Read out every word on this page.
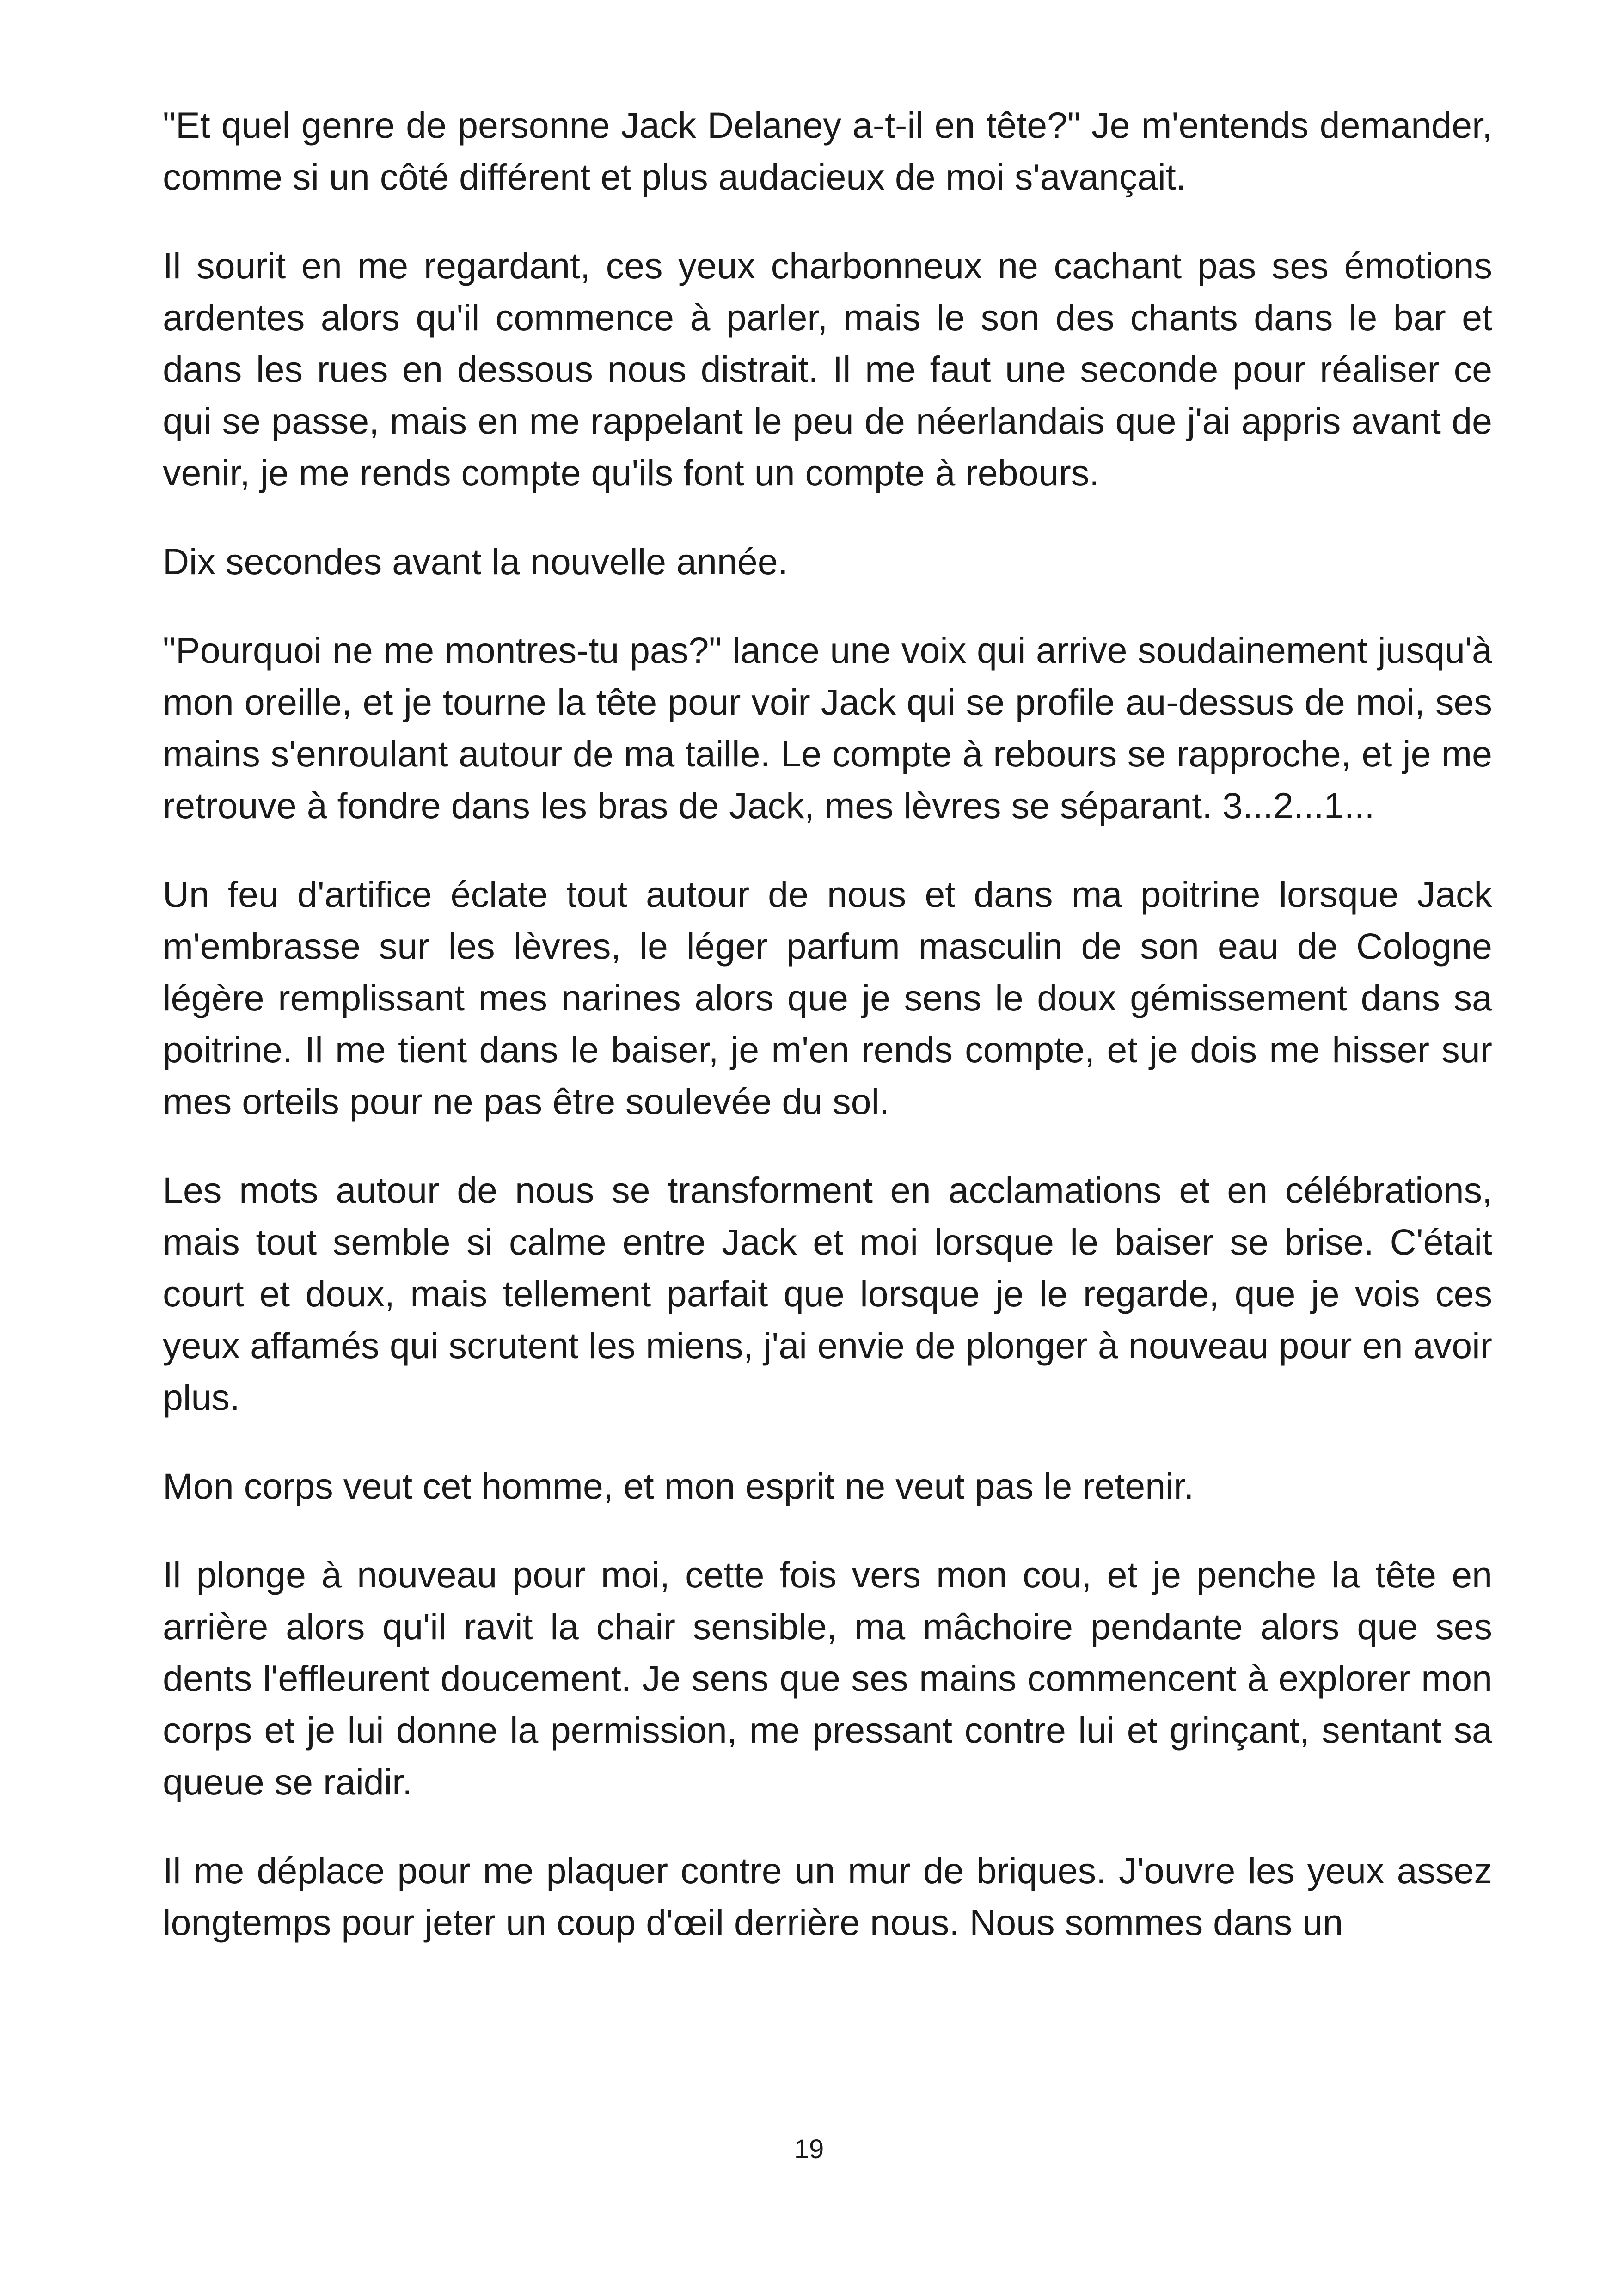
"Et quel genre de personne Jack Delaney a-t-il en tête?" Je m'entends demander, comme si un côté différent et plus audacieux de moi s'avançait.

Il sourit en me regardant, ces yeux charbonneux ne cachant pas ses émotions ardentes alors qu'il commence à parler, mais le son des chants dans le bar et dans les rues en dessous nous distrait. Il me faut une seconde pour réaliser ce qui se passe, mais en me rappelant le peu de néerlandais que j'ai appris avant de venir, je me rends compte qu'ils font un compte à rebours.

Dix secondes avant la nouvelle année.

"Pourquoi ne me montres-tu pas?" lance une voix qui arrive soudainement jusqu'à mon oreille, et je tourne la tête pour voir Jack qui se profile au-dessus de moi, ses mains s'enroulant autour de ma taille. Le compte à rebours se rapproche, et je me retrouve à fondre dans les bras de Jack, mes lèvres se séparant. 3...2...1...

Un feu d'artifice éclate tout autour de nous et dans ma poitrine lorsque Jack m'embrasse sur les lèvres, le léger parfum masculin de son eau de Cologne légère remplissant mes narines alors que je sens le doux gémissement dans sa poitrine. Il me tient dans le baiser, je m'en rends compte, et je dois me hisser sur mes orteils pour ne pas être soulevée du sol.

Les mots autour de nous se transforment en acclamations et en célébrations, mais tout semble si calme entre Jack et moi lorsque le baiser se brise. C'était court et doux, mais tellement parfait que lorsque je le regarde, que je vois ces yeux affamés qui scrutent les miens, j'ai envie de plonger à nouveau pour en avoir plus.

Mon corps veut cet homme, et mon esprit ne veut pas le retenir.

Il plonge à nouveau pour moi, cette fois vers mon cou, et je penche la tête en arrière alors qu'il ravit la chair sensible, ma mâchoire pendante alors que ses dents l'effleurent doucement. Je sens que ses mains commencent à explorer mon corps et je lui donne la permission, me pressant contre lui et grinçant, sentant sa queue se raidir.

Il me déplace pour me plaquer contre un mur de briques. J'ouvre les yeux assez longtemps pour jeter un coup d'œil derrière nous. Nous sommes dans un

19
